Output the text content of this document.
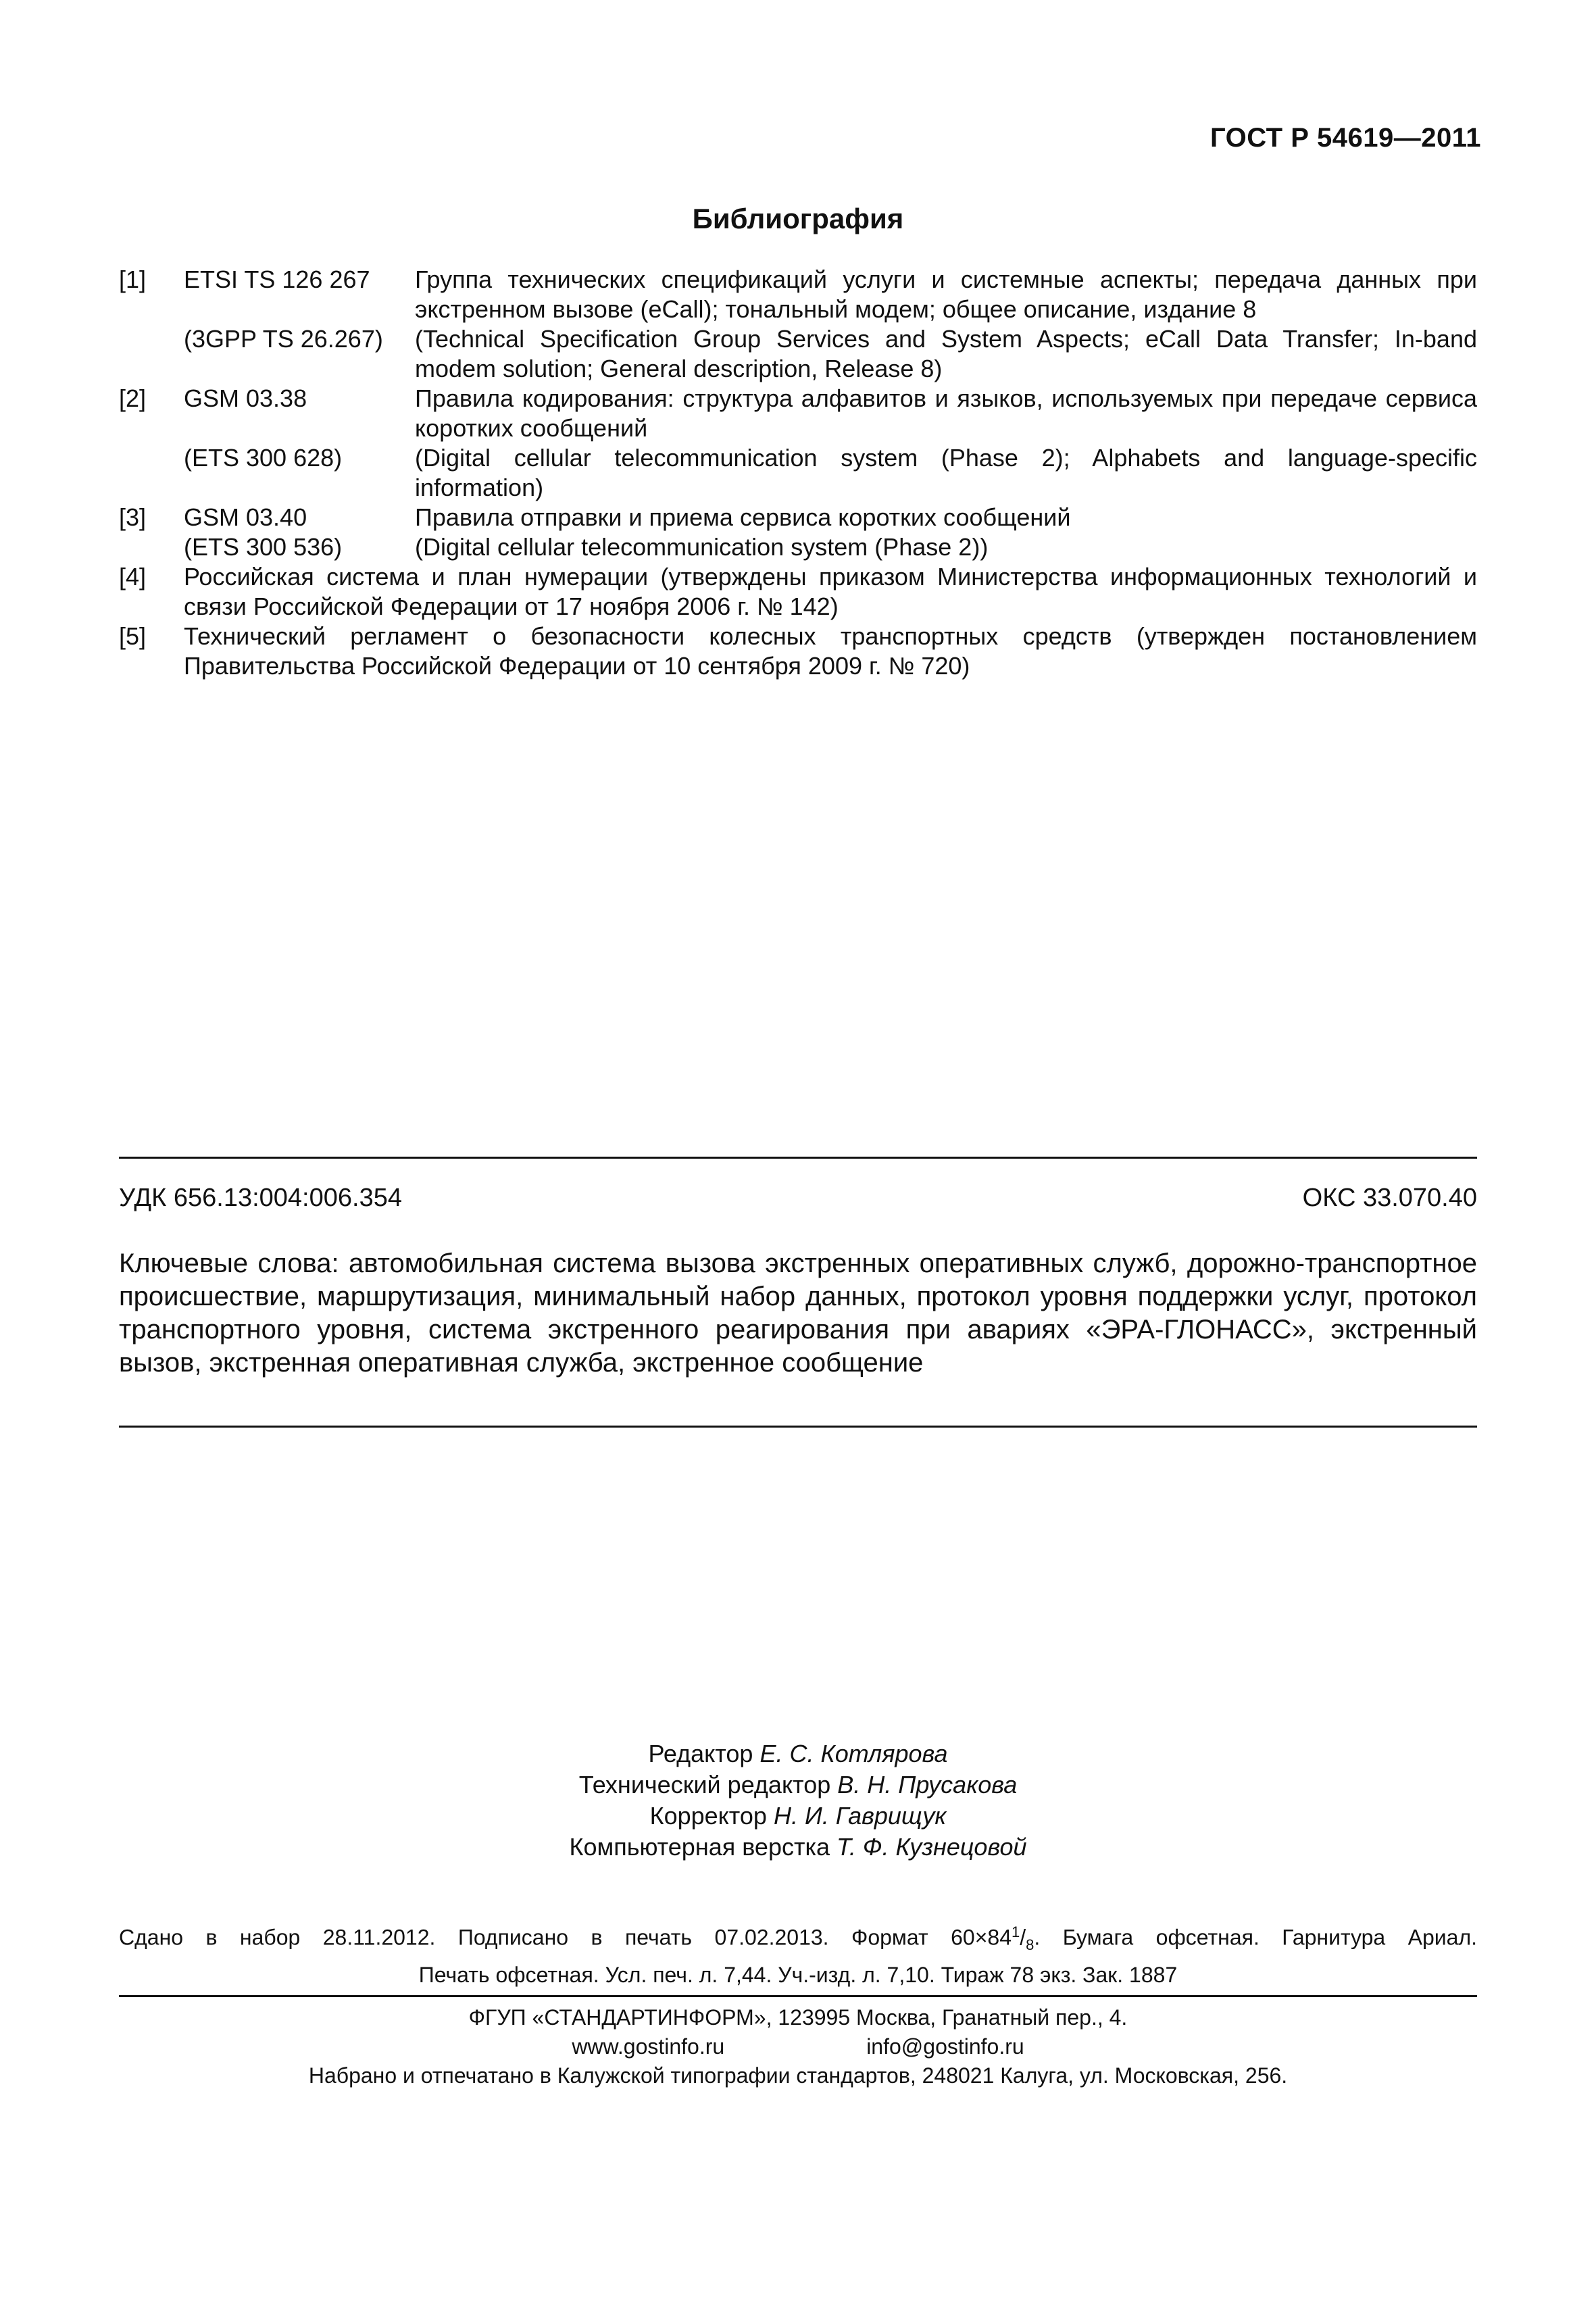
ГОСТ Р 54619—2011
Библиография
[1]	ETSI TS 126 267	Группа технических спецификаций услуги и системные аспекты; передача данных при экстренном вызове (eCall); тональный модем; общее описание, издание 8
(3GPP TS 26.267)	(Technical Specification Group Services and System Aspects; eCall Data Transfer; In-band modem solution; General description, Release 8)
[2]	GSM 03.38	Правила кодирования: структура алфавитов и языков, используемых при передаче сервиса коротких сообщений
(ETS 300 628)	(Digital cellular telecommunication system (Phase 2); Alphabets and language-specific information)
[3]	GSM 03.40	Правила отправки и приема сервиса коротких сообщений
(ETS 300 536)	(Digital cellular telecommunication system (Phase 2))
[4]	Российская система и план нумерации (утверждены приказом Министерства информационных технологий и связи Российской Федерации от 17 ноября 2006 г. № 142)
[5]	Технический регламент о безопасности колесных транспортных средств (утвержден постановлением Правительства Российской Федерации от 10 сентября 2009 г. № 720)
УДК 656.13:004:006.354	ОКС 33.070.40
Ключевые слова: автомобильная система вызова экстренных оперативных служб, дорожно-транспортное происшествие, маршрутизация, минимальный набор данных, протокол уровня поддержки услуг, протокол транспортного уровня, система экстренного реагирования при авариях «ЭРА-ГЛОНАСС», экстренный вызов, экстренная оперативная служба, экстренное сообщение
Редактор Е. С. Котлярова
Технический редактор В. Н. Прусакова
Корректор Н. И. Гаврищук
Компьютерная верстка Т. Ф. Кузнецовой
Сдано в набор 28.11.2012. Подписано в печать 07.02.2013. Формат $60\times 84^1/_8$. Бумага офсетная. Гарнитура Ариал.
Печать офсетная. Усл. печ. л. 7,44. Уч.-изд. л. 7,10. Тираж 78 экз. Зак. 1887
ФГУП «СТАНДАРТИНФОРМ», 123995 Москва, Гранатный пер., 4.
www.gostinfo.ru	info@gostinfo.ru
Набрано и отпечатано в Калужской типографии стандартов, 248021 Калуга, ул. Московская, 256.
